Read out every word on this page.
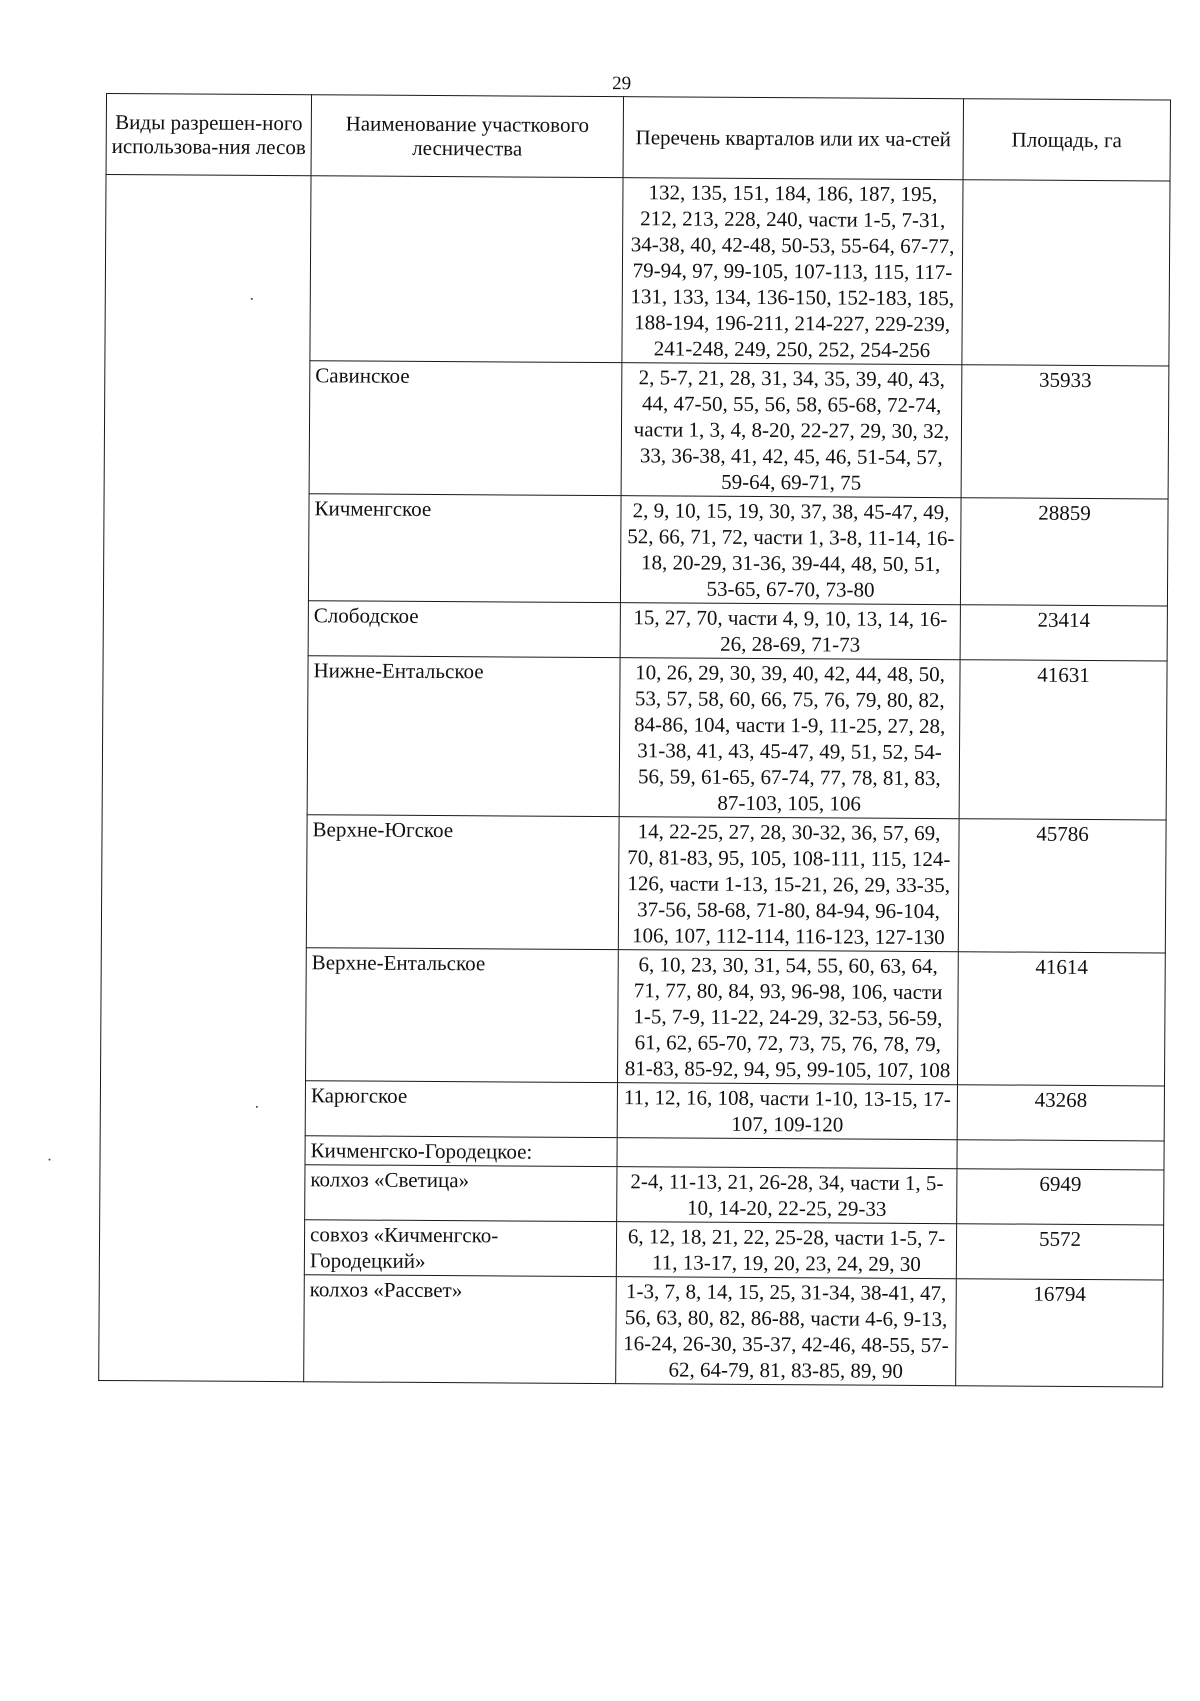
29
Виды разрешен-ного использова-ния лесов	Наименование участкового лесничества	Перечень кварталов или их ча-стей	Площадь, га
		132, 135, 151, 184, 186, 187, 195, 212, 213, 228, 240, части 1-5, 7-31, 34-38, 40, 42-48, 50-53, 55-64, 67-77, 79-94, 97, 99-105, 107-113, 115, 117-131, 133, 134, 136-150, 152-183, 185, 188-194, 196-211, 214-227, 229-239, 241-248, 249, 250, 252, 254-256	
	Савинское	2, 5-7, 21, 28, 31, 34, 35, 39, 40, 43, 44, 47-50, 55, 56, 58, 65-68, 72-74, части 1, 3, 4, 8-20, 22-27, 29, 30, 32, 33, 36-38, 41, 42, 45, 46, 51-54, 57, 59-64, 69-71, 75	35933
	Кичменгское	2, 9, 10, 15, 19, 30, 37, 38, 45-47, 49, 52, 66, 71, 72, части 1, 3-8, 11-14, 16-18, 20-29, 31-36, 39-44, 48, 50, 51, 53-65, 67-70, 73-80	28859
	Слободское	15, 27, 70, части 4, 9, 10, 13, 14, 16-26, 28-69, 71-73	23414
	Нижне-Ентальское	10, 26, 29, 30, 39, 40, 42, 44, 48, 50, 53, 57, 58, 60, 66, 75, 76, 79, 80, 82, 84-86, 104, части 1-9, 11-25, 27, 28, 31-38, 41, 43, 45-47, 49, 51, 52, 54-56, 59, 61-65, 67-74, 77, 78, 81, 83, 87-103, 105, 106	41631
	Верхне-Югское	14, 22-25, 27, 28, 30-32, 36, 57, 69, 70, 81-83, 95, 105, 108-111, 115, 124-126, части 1-13, 15-21, 26, 29, 33-35, 37-56, 58-68, 71-80, 84-94, 96-104, 106, 107, 112-114, 116-123, 127-130	45786
	Верхне-Ентальское	6, 10, 23, 30, 31, 54, 55, 60, 63, 64, 71, 77, 80, 84, 93, 96-98, 106, части 1-5, 7-9, 11-22, 24-29, 32-53, 56-59, 61, 62, 65-70, 72, 73, 75, 76, 78, 79, 81-83, 85-92, 94, 95, 99-105, 107, 108	41614
	Карюгское	11, 12, 16, 108, части 1-10, 13-15, 17-107, 109-120	43268
	Кичменгско-Городецкое:		
	колхоз «Светица»	2-4, 11-13, 21, 26-28, 34, части 1, 5-10, 14-20, 22-25, 29-33	6949
	совхоз «Кичменгско-Городецкий»	6, 12, 18, 21, 22, 25-28, части 1-5, 7-11, 13-17, 19, 20, 23, 24, 29, 30	5572
	колхоз «Рассвет»	1-3, 7, 8, 14, 15, 25, 31-34, 38-41, 47, 56, 63, 80, 82, 86-88, части 4-6, 9-13, 16-24, 26-30, 35-37, 42-46, 48-55, 57-62, 64-79, 81, 83-85, 89, 90	16794
